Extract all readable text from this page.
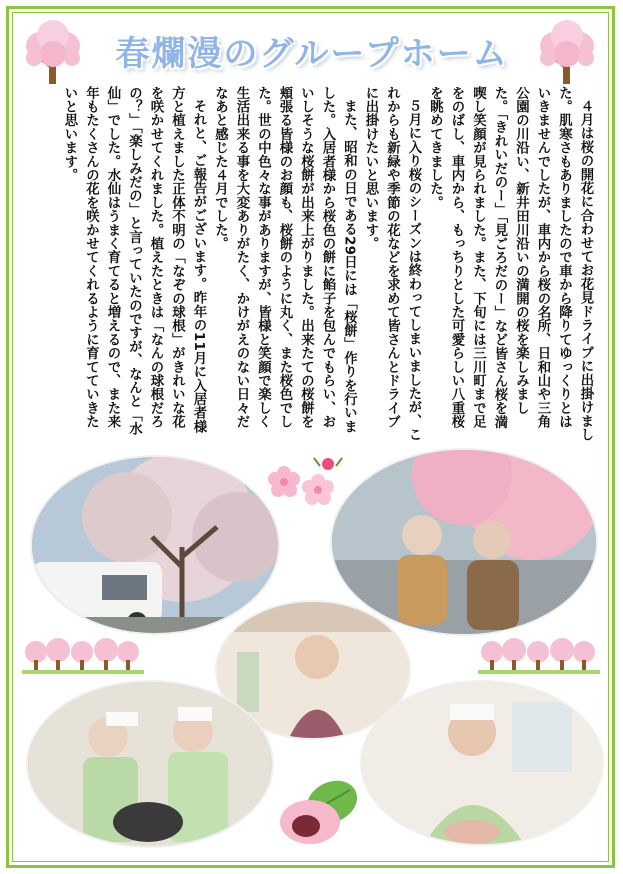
春爛漫のグループホーム

４月は桜の開花に合わせてお花見ドライブに出掛けました。肌寒さもありましたので車から降りてゆっくりとはいきませんでしたが、車内から桜の名所、日和山や三角公園の川沿い、新井田川沿いの満開の桜を楽しみました。「きれいだのー」「見ごろだのー」など皆さん桜を満喫し笑顔が見られました。また、下旬には三川町まで足をのばし、車内から、もっちりとした可愛らしい八重桜を眺めてきました。

５月に入り桜のシーズンは終わってしまいましたが、これからも新緑や季節の花などを求めて皆さんとドライブに出掛けたいと思います。

また、昭和の日である29日には「桜餅」作りを行いました。入居者様から桜色の餅に餡子を包んでもらい、おいしそうな桜餅が出来上がりました。出来たての桜餅を頬張る皆様のお顔も、桜餅のように丸く、また桜色でした。世の中色々な事がありますが、皆様と笑顔で楽しく生活出来る事を大変ありがたく、かけがえのない日々だなあと感じた４月でした。

それと、ご報告がございます。昨年の11月に入居者様方と植えました正体不明の「なぞの球根」がきれいな花を咲かせてくれました。植えたときは「なんの球根だろの？」「楽しみだの」と言っていたのですが、なんと「水仙」でした。水仙はうまく育てると増えるので、また来年もたくさんの花を咲かせてくれるように育てていきたいと思います。
